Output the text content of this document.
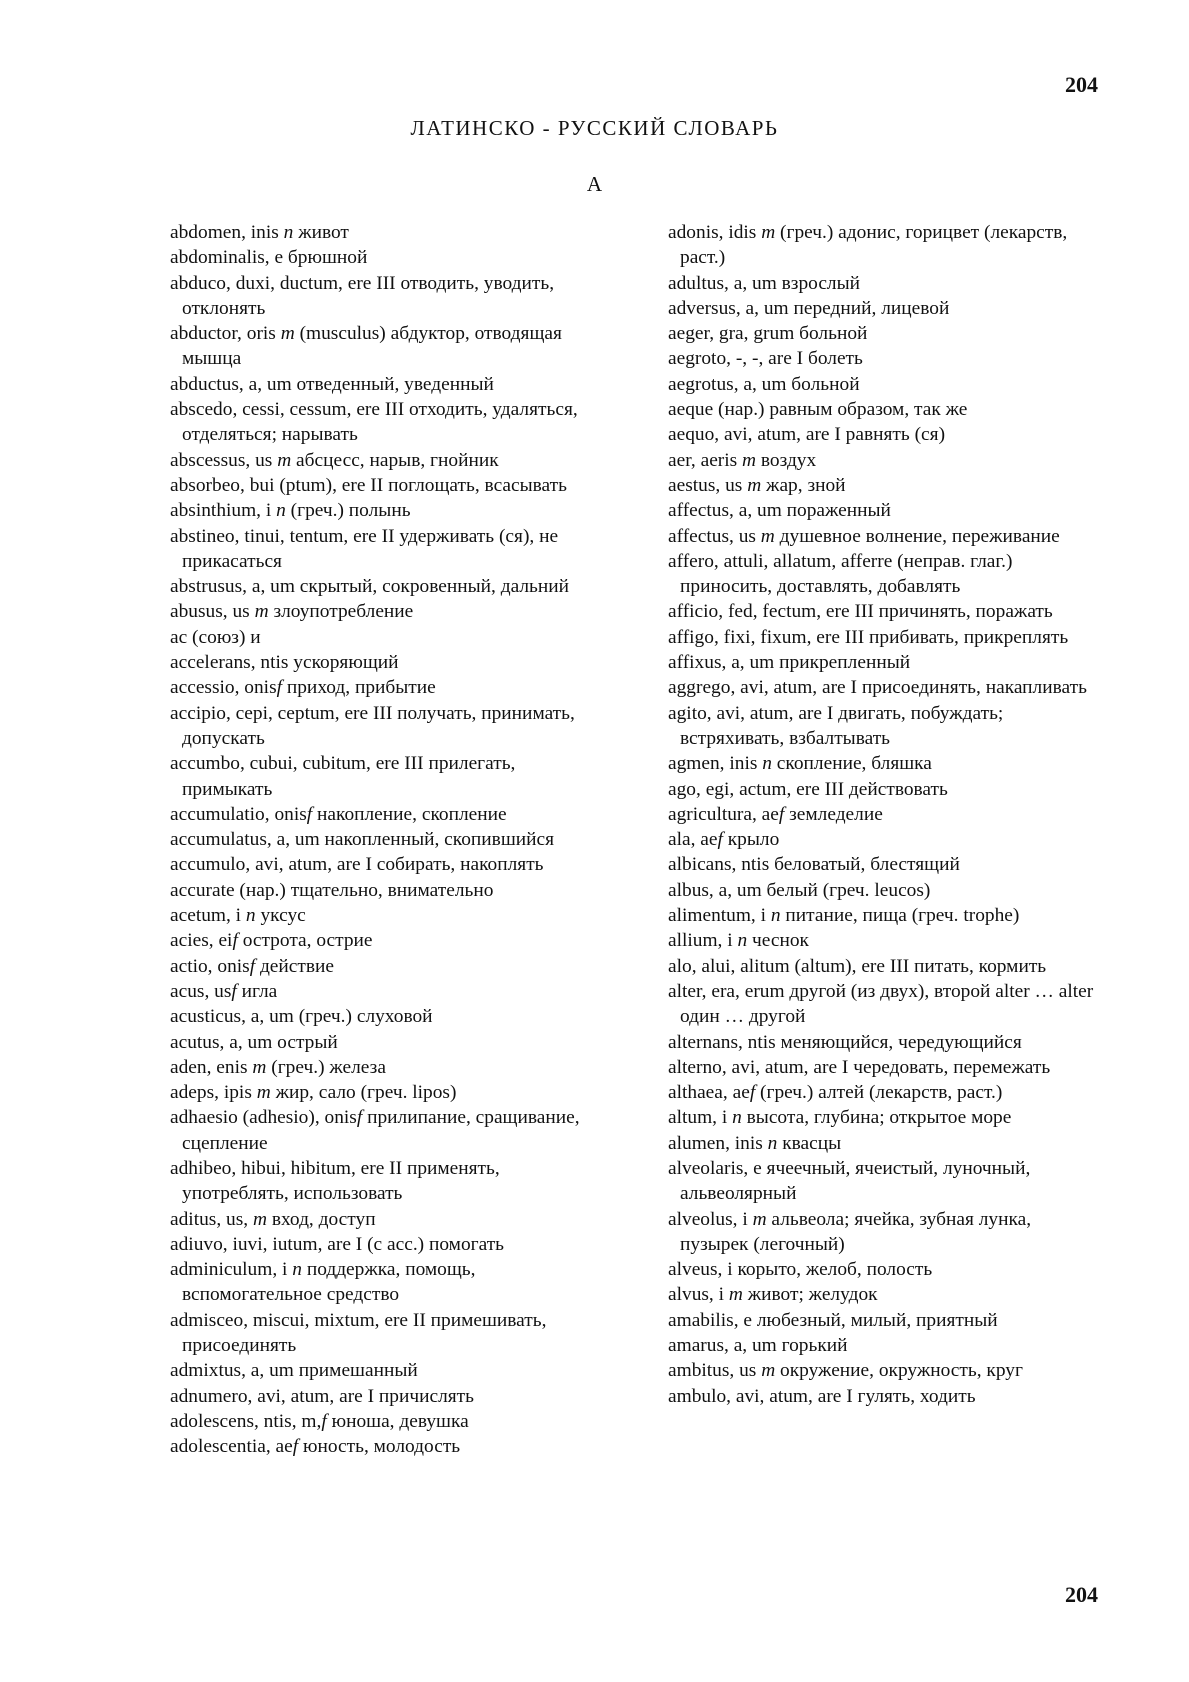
204
ЛАТИНСКО - РУССКИЙ СЛОВАРЬ
A

abdomen, inis n живот

abdominalis, e брюшной

abduco, duxi, ductum, ere III отводить, уводить, отклонять

abductor, oris m (musculus) абдуктор, отводящая мышца

abductus, a, um отведенный, уведенный

abscedo, cessi, cessum, ere III отходить, удаляться, отделяться; нарывать

abscessus, us m абсцесс, нарыв, гнойник

absorbeo, bui (ptum), ere II поглощать, всасывать

absinthium, i n (греч.) полынь

abstineo, tinui, tentum, ere II удерживать (ся), не прикасаться

abstrusus, a, um скрытый, сокровенный, дальний

abusus, us m злоупотребление

ac (союз) и

accelerans, ntis ускоряющий

accessio, onisf приход, прибытие

accipio, cepi, ceptum, ere III получать, принимать, допускать

accumbo, cubui, cubitum, ere III прилегать, примыкать

accumulatio, onisf накопление, скопление

accumulatus, a, um накопленный, скопившийся

accumulo, avi, atum, are I собирать, накоплять

accurate (нар.) тщательно, внимательно

acetum, i n уксус

acies, eif острота, острие

actio, onisf действие

acus, usf игла

acusticus, a, um (греч.) слуховой

acutus, a, um острый

aden, enis m (греч.) железа

adeps, ipis m жир, сало (греч. lipos)

adhaesio (adhesio), onisf прилипание, сращивание, сцепление

adhibeo, hibui, hibitum, ere II применять, употреблять, использовать

aditus, us, m вход, доступ

adiuvo, iuvi, iutum, are I (с acc.) помогать

adminiculum, i n поддержка, помощь, вспомогательное средство

admisceo, miscui, mixtum, ere II примешивать, присоединять

admixtus, a, um примешанный

adnumero, avi, atum, are I причислять

adolescens, ntis, m,f юноша, девушка

adolescentia, aef юность, молодость

adonis, idis m (греч.) адонис, горицвет (лекарств, раст.)

adultus, a, um взрослый

adversus, a, um передний, лицевой

aeger, gra, grum больной

aegroto, -, -, are I болеть

aegrotus, a, um больной

aeque (нар.) равным образом, так же

aequo, avi, atum, are I равнять (ся)

aer, aeris m воздух

aestus, us m жар, зной

affectus, a, um пораженный

affectus, us m душевное волнение, переживание

affero, attuli, allatum, afferre (неправ. глаг.) приносить, доставлять, добавлять

afficio, fed, fectum, ere III причинять, поражать

affigo, fixi, fixum, ere III прибивать, прикреплять

affixus, a, um прикрепленный

aggrego, avi, atum, are I присоединять, накапливать

agito, avi, atum, are I двигать, побуждать; встряхивать, взбалтывать

agmen, inis n скопление, бляшка

ago, egi, actum, ere III действовать

agricultura, aef земледелие

ala, aef крыло

albicans, ntis беловатый, блестящий

albus, a, um белый (греч. leucos)

alimentum, i n питание, пища (греч. trophe)

allium, i n чеснок

alo, alui, alitum (altum), ere III питать, кормить

alter, era, erum другой (из двух), второй alter … alter один … другой

alternans, ntis меняющийся, чередующийся

alterno, avi, atum, are I чередовать, перемежать

althaea, aef (греч.) алтей (лекарств, раст.)

altum, i n высота, глубина; открытое море

alumen, inis n квасцы

alveolaris, e ячеечный, ячеистый, луночный, альвеолярный

alveolus, i m альвеола; ячейка, зубная лунка, пузырек (легочный)

alveus, i корыто, желоб, полость

alvus, i m живот; желудок

amabilis, e любезный, милый, приятный

amarus, a, um горький

ambitus, us m окружение, окружность, круг

ambulo, avi, atum, are I гулять, ходить

204
